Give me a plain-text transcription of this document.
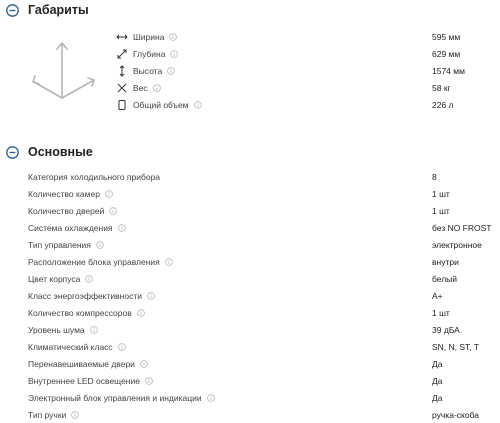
Габариты
Ширина	595 мм
Глубина	629 мм
Высота	1574 мм
Вес	58 кг
Общий объем	226 л
Основные
Категория холодильного прибора	8
Количество камер	1 шт
Количество дверей	1 шт
Система охлаждения	без NO FROST
Тип управления	электронное
Расположение блока управления	внутри
Цвет корпуса	белый
Класс энергоэффективности	A+
Количество компрессоров	1 шт
Уровень шума	39 дБА
Климатический класс	SN, N, ST, T
Перенавешиваемые двери	Да
Внутреннее LED освещение	Да
Электронный блок управления и индикации	Да
Тип ручки	ручка-скоба
